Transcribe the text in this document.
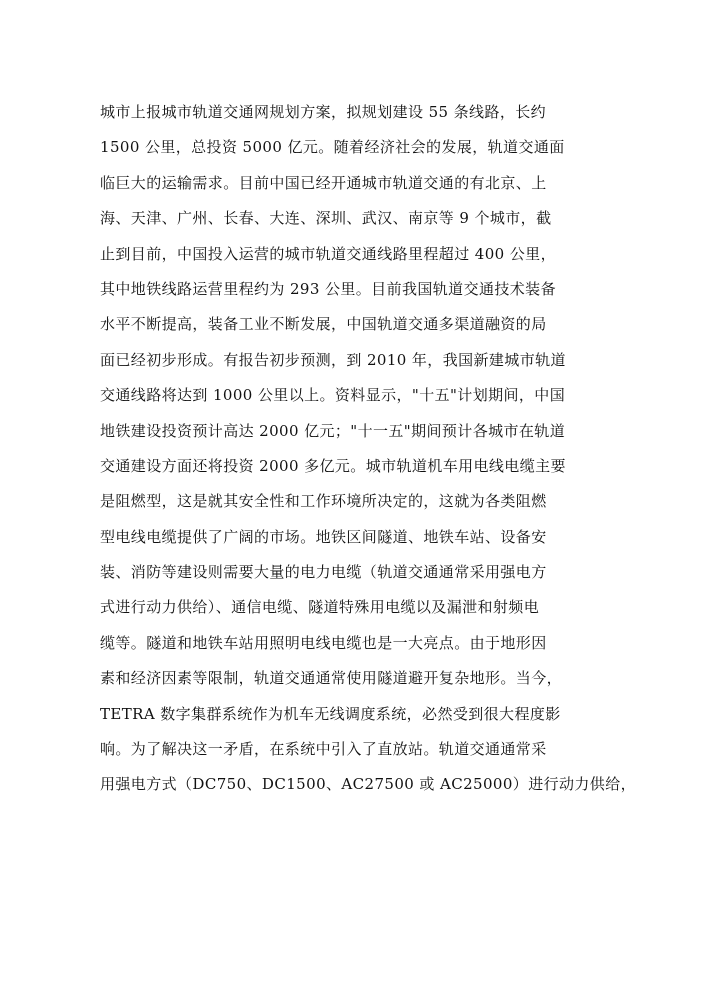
城市上报城市轨道交通网规划方案，拟规划建设 55 条线路，长约
1500 公里，总投资 5000 亿元。随着经济社会的发展，轨道交通面
临巨大的运输需求。目前中国已经开通城市轨道交通的有北京、上
海、天津、广州、长春、大连、深圳、武汉、南京等 9 个城市，截
止到目前，中国投入运营的城市轨道交通线路里程超过 400 公里，
其中地铁线路运营里程约为 293 公里。目前我国轨道交通技术装备
水平不断提高，装备工业不断发展，中国轨道交通多渠道融资的局
面已经初步形成。有报告初步预测，到 2010 年，我国新建城市轨道
交通线路将达到 1000 公里以上。资料显示，"十五"计划期间，中国
地铁建设投资预计高达 2000 亿元；"十一五"期间预计各城市在轨道
交通建设方面还将投资 2000 多亿元。城市轨道机车用电线电缆主要
是阻燃型，这是就其安全性和工作环境所决定的，这就为各类阻燃
型电线电缆提供了广阔的市场。地铁区间隧道、地铁车站、设备安
装、消防等建设则需要大量的电力电缆（轨道交通通常采用强电方
式进行动力供给）、通信电缆、隧道特殊用电缆以及漏泄和射频电
缆等。隧道和地铁车站用照明电线电缆也是一大亮点。由于地形因
素和经济因素等限制，轨道交通通常使用隧道避开复杂地形。当今，
TETRA 数字集群系统作为机车无线调度系统，必然受到很大程度影
响。为了解决这一矛盾，在系统中引入了直放站。轨道交通通常采
用强电方式（DC750、DC1500、AC27500 或 AC25000）进行动力供给，
